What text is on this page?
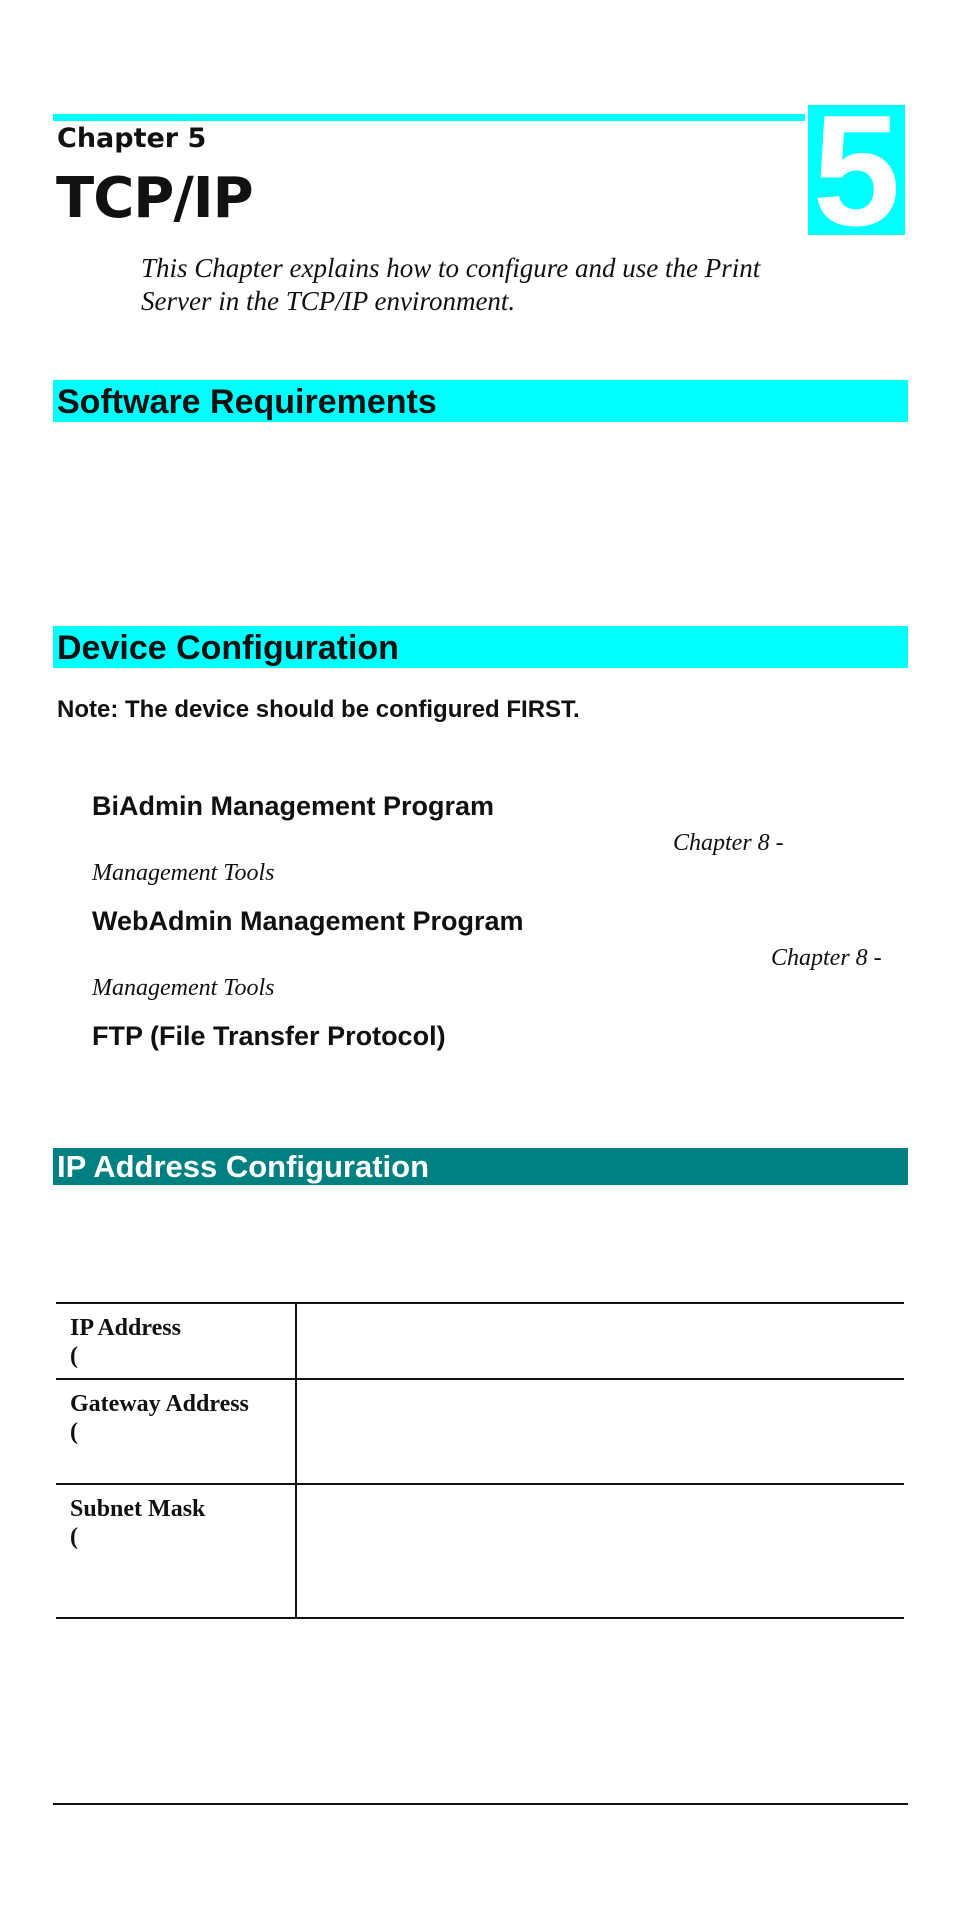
5
Chapter 5
TCP/IP
This Chapter explains how to configure and use the Print Server in the TCP/IP environment.
Software Requirements
Device Configuration
Note: The device should be configured FIRST.
BiAdmin Management Program
Chapter 8 -
Management Tools
WebAdmin Management Program
Chapter 8 -
Management Tools
FTP (File Transfer Protocol)
IP Address Configuration
IP Address
(	

Gateway Address
(	

Subnet Mask
(	
